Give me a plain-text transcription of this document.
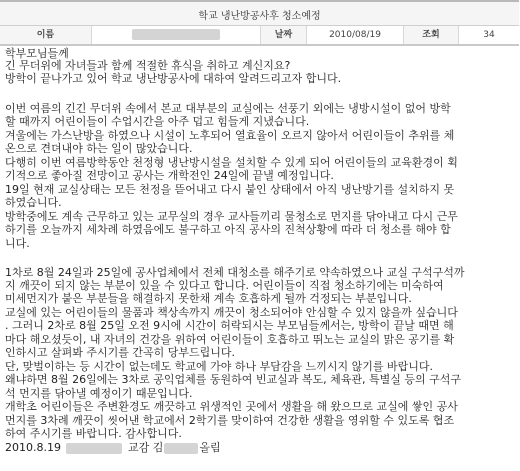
학교 냉난방공사후 청소예정
이름	날짜	2010/08/19	조회	34
학부모님들께
긴 무더위에 자녀들과 함께 적절한 휴식을 취하고 계신지요?
방학이 끝나가고 있어 학교 냉난방공사에 대하여 알려드리고자 합니다.
이번 여름의 긴긴 무더위 속에서 본교 대부분의 교실에는 선풍기 외에는 냉방시설이 없어 방학
할 때까지 어린이들이 수업시간을 아주 덥고 힘들게 지냈습니다.
겨울에는 가스난방을 하였으나 시설이 노후되어 열효율이 오르지 않아서 어린이들이 추위를 체
온으로 견뎌내야 하는 일이 많았습니다.
다행히 이번 여름방학동안 천정형 냉난방시설을 설치할 수 있게 되어 어린이들의 교육환경이 획
기적으로 좋아질 전망이고 공사는 개학전인 24일에 끝낼 예정입니다.
19일 현재 교실상태는 모든 천정을 뜯어내고 다시 붙인 상태에서 아직 냉난방기를 설치하지 못
하였습니다.
방학중에도 계속 근무하고 있는 교무실의 경우 교사들끼리 물청소로 먼지를 닦아내고 다시 근무
하기를 오늘까지 세차례 하였음에도 불구하고 아직 공사의 진척상황에 따라 더 청소를 해야 합
니다.
1차로 8월 24일과 25일에 공사업체에서 전체 대청소를 해주기로 약속하였으나 교실 구석구석까
지 깨끗이 되지 않는 부분이 있을 수 있다고 합니다. 어린이들이 직접 청소하기에는 미숙하여
미세먼지가 붙은 부분들을 해결하지 못한채 계속 호흡하게 될까 걱정되는 부분입니다.
교실에 있는 어린이들의 물품과 책상속까지 깨끗이 청소되어야 안심할 수 있지 않을까 싶습니다
. 그러니 2차로 8월 25일 오전 9시에 시간이 허락되시는 부모님들께서는, 방학이 끝날 때면 해
마다 해오셨듯이, 내 자녀의 건강을 위하여 어린이들이 호흡하고 뛰노는 교실의 맑은 공기를 확
인하시고 살펴봐 주시기를 간곡히 당부드립니다.
단, 맞벌이하는 등 시간이 없는데도 학교에 가야 하나 부담감을 느끼시지 않기를 바랍니다.
왜냐하면 8월 26일에는 3차로 공익업체를 동원하여 빈교실과 복도, 체육관, 특별실 등의 구석구
석 먼지를 닦아낼 예정이기 때문입니다.
개학초 어린이들은 주변환경도 깨끗하고 위생적인 곳에서 생활을 해 왔으므로 교실에 쌓인 공사
먼지를 3차례 깨끗이 씻어낸 학교에서 2학기를 맞이하여 건강한 생활을 영위할 수 있도록 협조
하여 주시기를 바랍니다. 감사합니다.
2010.8.19	교감 김	올림
